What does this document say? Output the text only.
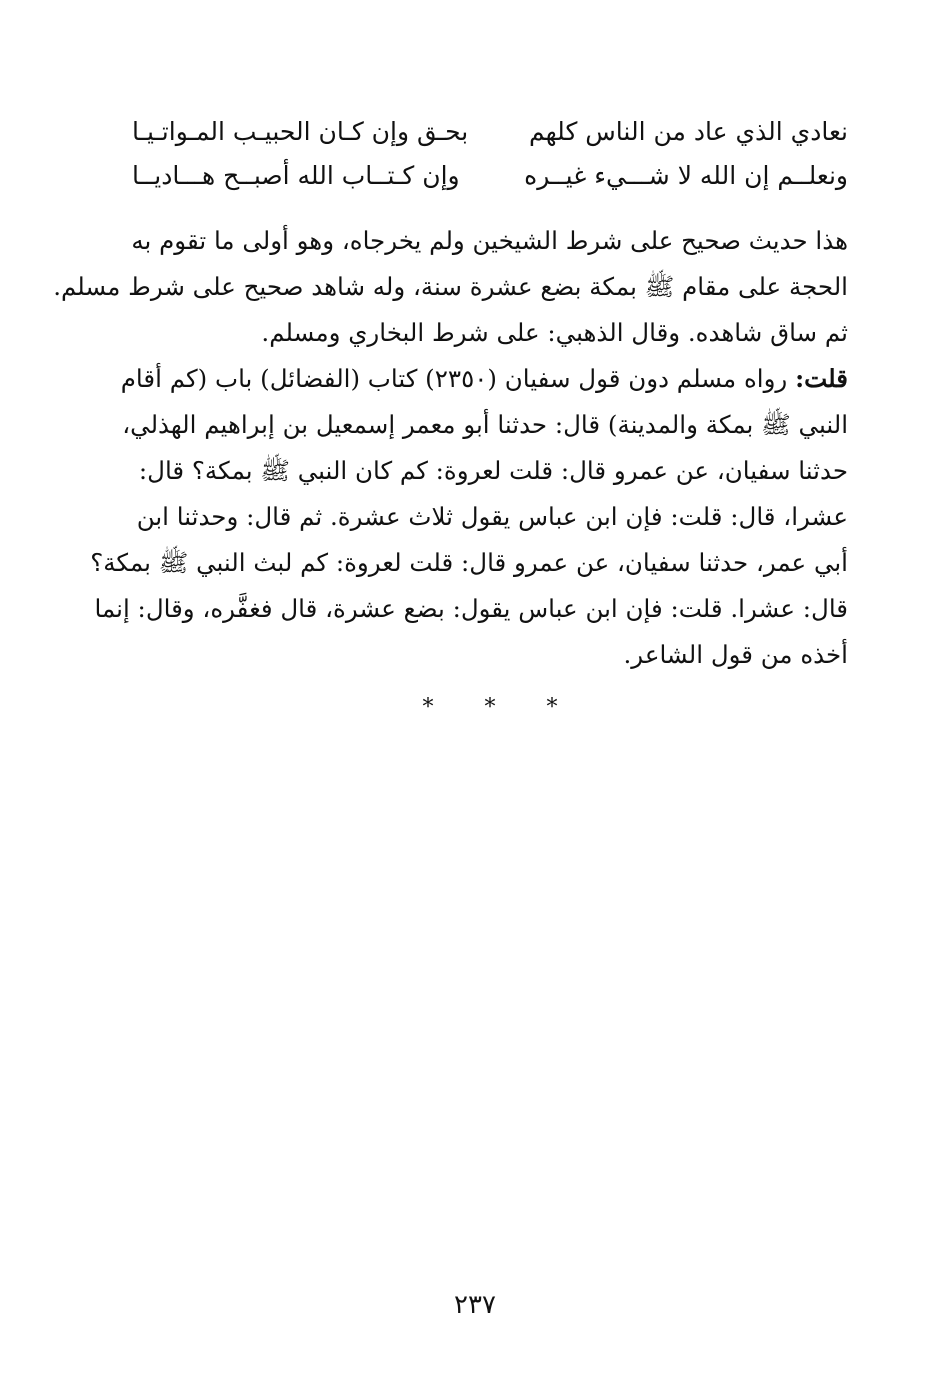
نعادي الذي عاد من الناس كلهم
بحـق وإن كـان الحبيـب المـواتـيـا
ونعلــم إن الله لا شـــيء غيــره
وإن كـتــاب الله أصبــح هـــاديــا

هذا حديث صحيح على شرط الشيخين ولم يخرجاه، وهو أولى ما تقوم به
الحجة على مقام ﷺ بمكة بضع عشرة سنة، وله شاهد صحيح على شرط مسلم.
ثم ساق شاهده. وقال الذهبي: على شرط البخاري ومسلم.

قلت: رواه مسلم دون قول سفيان (٢٣٥٠) كتاب (الفضائل) باب (كم أقام
النبي ﷺ بمكة والمدينة) قال: حدثنا أبو معمر إسمعيل بن إبراهيم الهذلي،
حدثنا سفيان، عن عمرو قال: قلت لعروة: كم كان النبي ﷺ بمكة؟ قال:
عشرا، قال: قلت: فإن ابن عباس يقول ثلاث عشرة. ثم قال: وحدثنا ابن
أبي عمر، حدثنا سفيان، عن عمرو قال: قلت لعروة: كم لبث النبي ﷺ بمكة؟
قال: عشرا. قلت: فإن ابن عباس يقول: بضع عشرة، قال فغفَّره، وقال: إنما
أخذه من قول الشاعر.

* * *
٢٣٧
